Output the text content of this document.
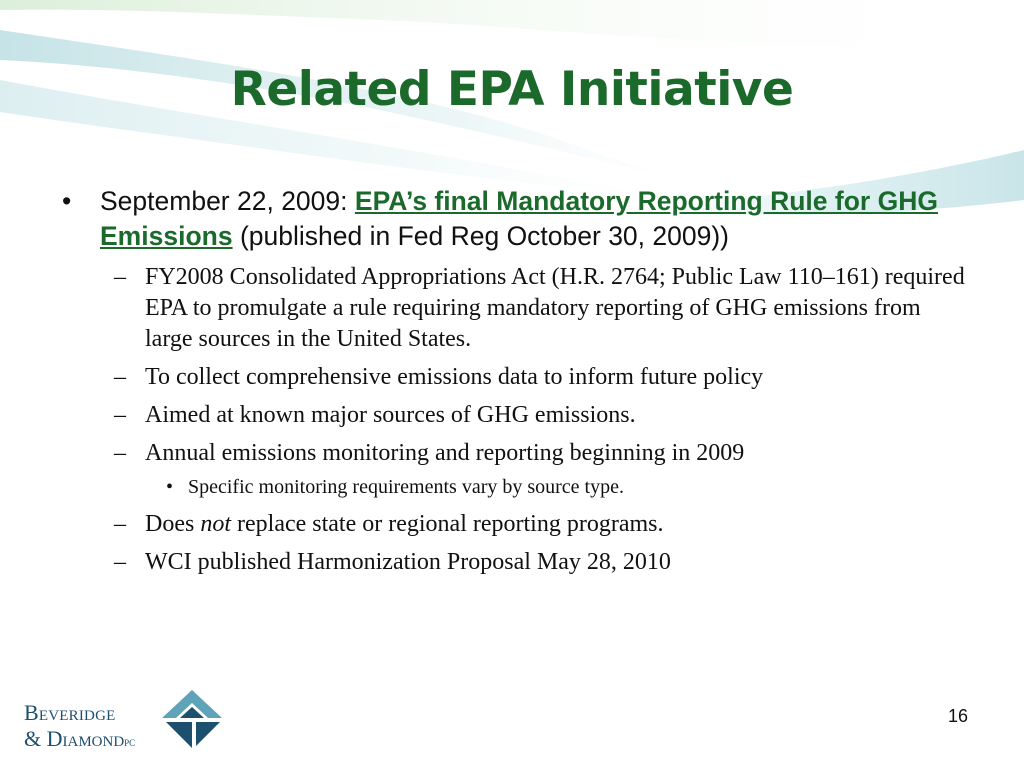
Related EPA Initiative
• September 22, 2009: EPA’s final Mandatory Reporting Rule for GHG Emissions (published in Fed Reg October 30, 2009))
– FY2008 Consolidated Appropriations Act (H.R. 2764; Public Law 110–161) required EPA to promulgate a rule requiring mandatory reporting of GHG emissions from large sources in the United States.
– To collect comprehensive emissions data to inform future policy
– Aimed at known major sources of GHG emissions.
– Annual emissions monitoring and reporting beginning in 2009
• Specific monitoring requirements vary by source type.
– Does not replace state or regional reporting programs.
– WCI published Harmonization Proposal May 28, 2010
Beveridge
& DiamondPC
16
